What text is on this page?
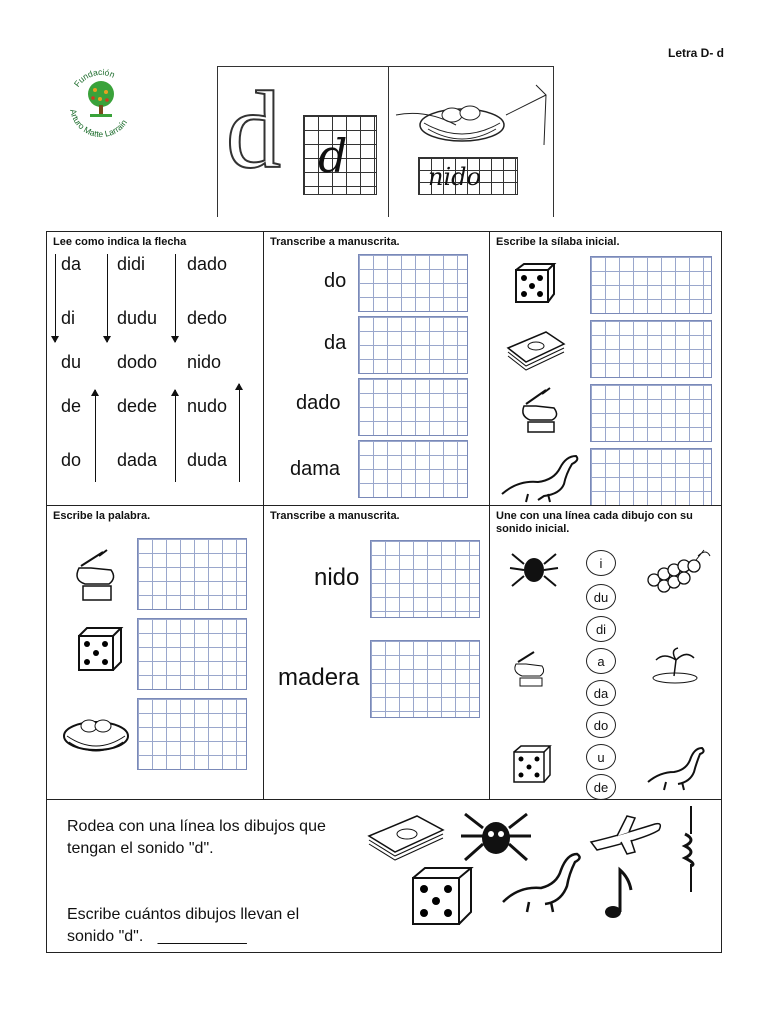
Letra D- d
Fundación
Arturo Matte Larraín d d	nido
Lee como indica la flecha
da didi dado
di dudu dedo
du dodo nido
de dede nudo
do dada duda
Transcribe a manuscrita.
do
da
dado
dama
Escribe la sílaba inicial.
Escribe la palabra.	Transcribe a manuscrita.
nido
madera
Une con una línea cada dibujo con su sonido inicial.
i
du
di
a
da
do
u
de
Rodea con una línea los dibujos que tengan el sonido "d".
Escribe cuántos dibujos llevan el sonido "d". __________
